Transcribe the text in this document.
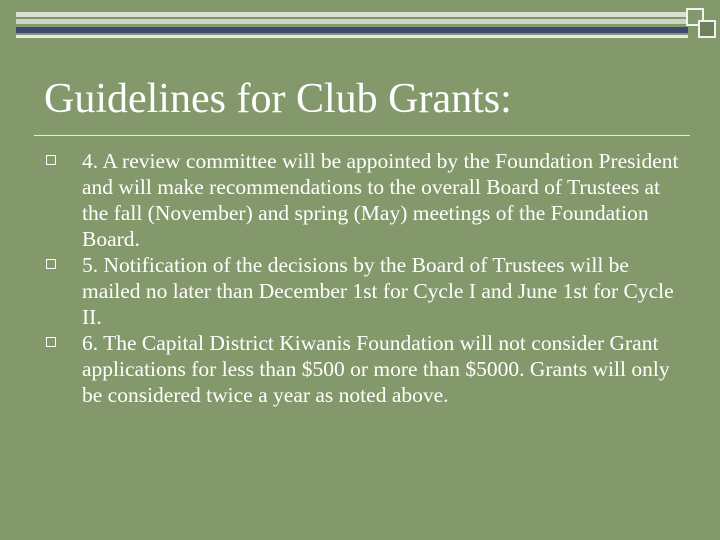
Guidelines for Club Grants:
4. A review committee will be appointed by the Foundation President and will make recommendations to the overall Board of Trustees at the fall (November) and spring (May) meetings of the Foundation Board.
5. Notification of the decisions by the Board of Trustees will be mailed no later than December 1st for Cycle I and June 1st for Cycle II.
6. The Capital District Kiwanis Foundation will not consider Grant applications for less than $500 or more than $5000. Grants will only be considered twice a year as noted above.
